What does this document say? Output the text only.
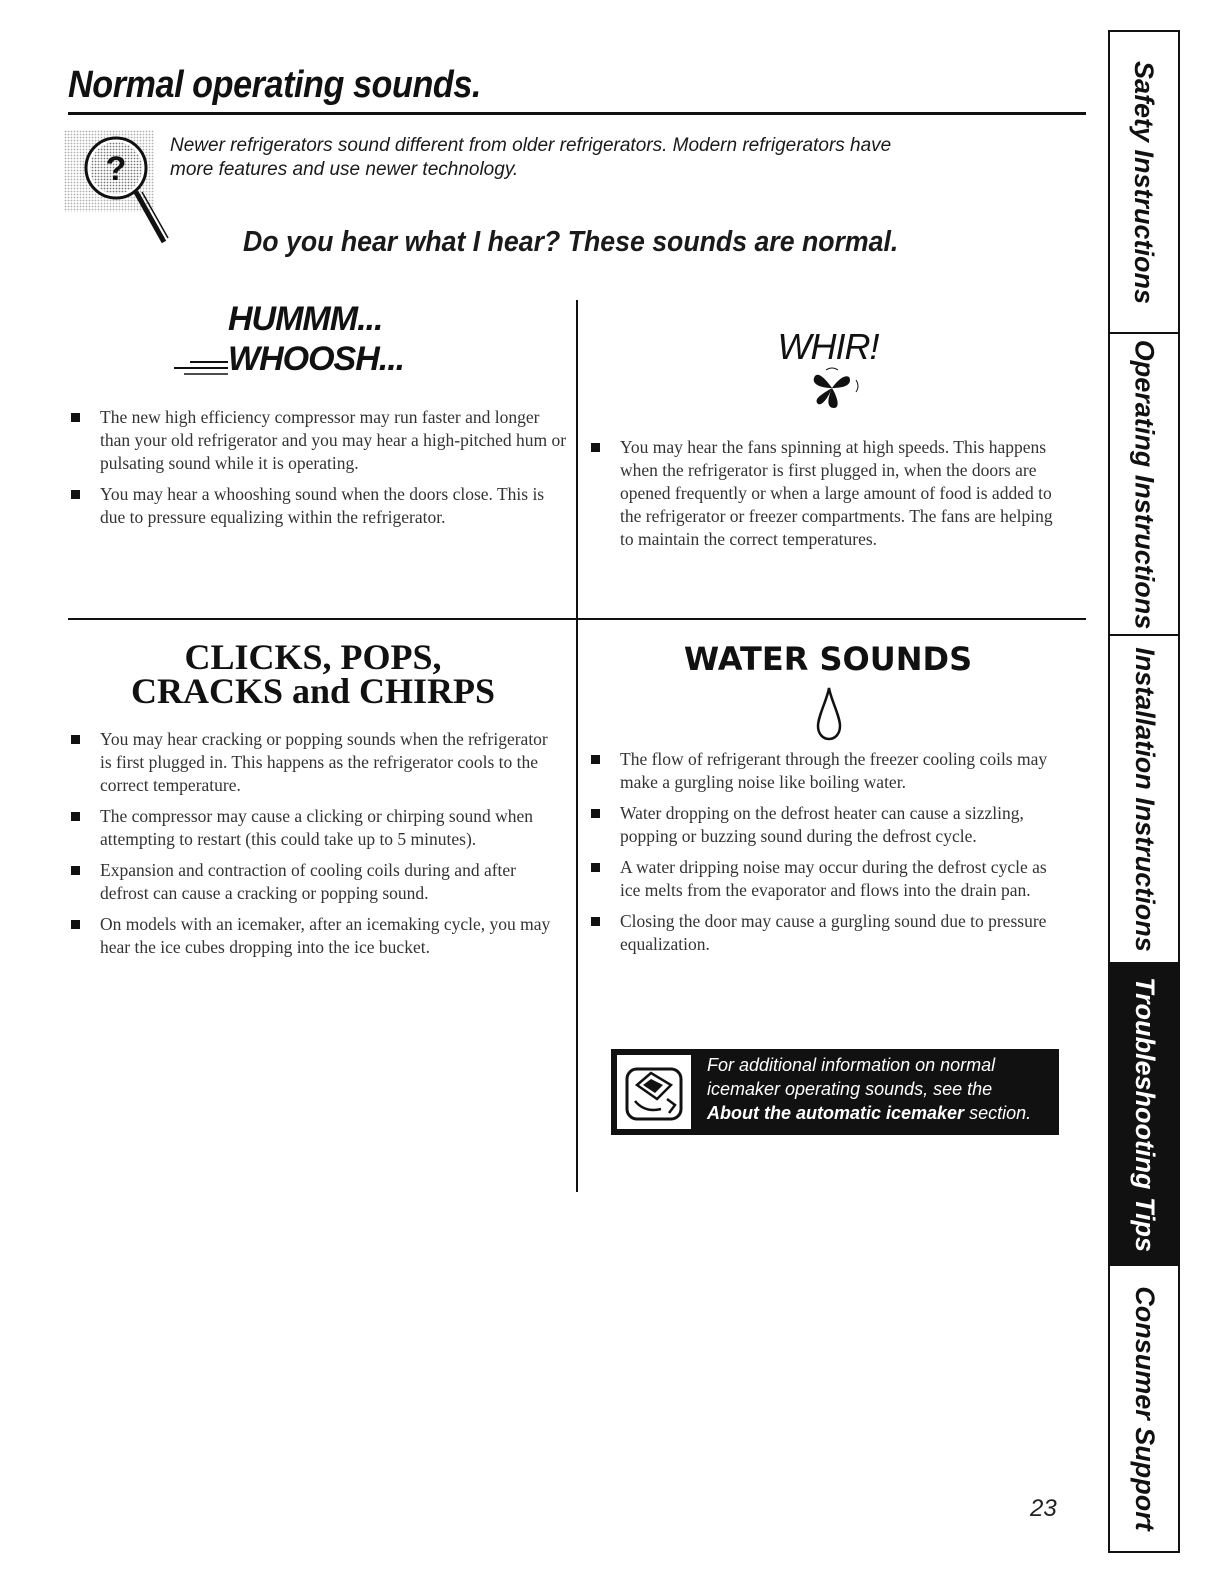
Normal operating sounds.
?
Newer refrigerators sound different from older refrigerators. Modern refrigerators have more features and use newer technology.
Do you hear what I hear? These sounds are normal.
HUMMM...
WHOOSH...
The new high efficiency compressor may run faster and longer than your old refrigerator and you may hear a high-pitched hum or pulsating sound while it is operating.
You may hear a whooshing sound when the doors close. This is due to pressure equalizing within the refrigerator.
WHIR!
You may hear the fans spinning at high speeds. This happens when the refrigerator is first plugged in, when the doors are opened frequently or when a large amount of food is added to the refrigerator or freezer compartments. The fans are helping to maintain the correct temperatures.
CLICKS, POPS,
CRACKS and CHIRPS
You may hear cracking or popping sounds when the refrigerator is first plugged in. This happens as the refrigerator cools to the correct temperature.
The compressor may cause a clicking or chirping sound when attempting to restart (this could take up to 5 minutes).
Expansion and contraction of cooling coils during and after defrost can cause a cracking or popping sound.
On models with an icemaker, after an icemaking cycle, you may hear the ice cubes dropping into the ice bucket.
WATER SOUNDS
The flow of refrigerant through the freezer cooling coils may make a gurgling noise like boiling water.
Water dropping on the defrost heater can cause a sizzling, popping or buzzing sound during the defrost cycle.
A water dripping noise may occur during the defrost cycle as ice melts from the evaporator and flows into the drain pan.
Closing the door may cause a gurgling sound due to pressure equalization.
For additional information on normal
icemaker operating sounds, see the
About the automatic icemaker section.
23
Safety Instructions
Operating Instructions
Installation Instructions
Troubleshooting Tips
Consumer Support
